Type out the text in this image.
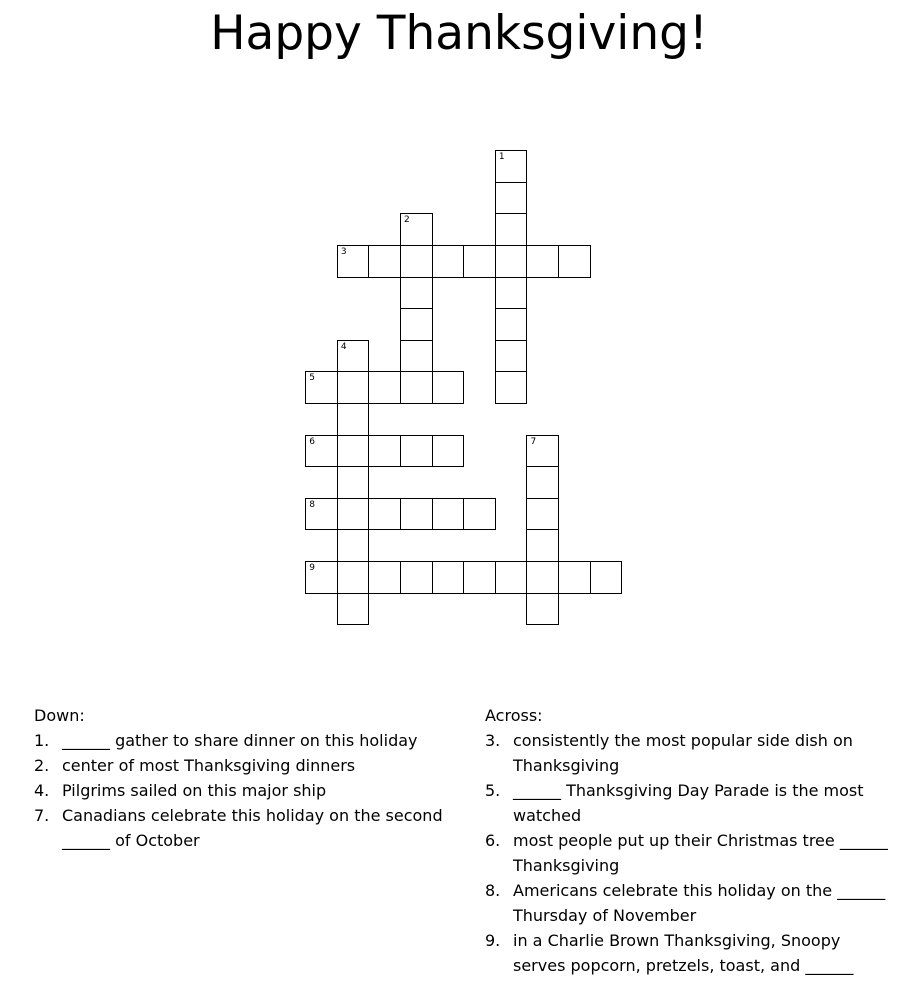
Happy Thanksgiving!
1
2
3
4
5
6	7
8
9
Down:
1. ______ gather to share dinner on this holiday
2. center of most Thanksgiving dinners
4. Pilgrims sailed on this major ship
7. Canadians celebrate this holiday on the second ______ of October
Across:
3. consistently the most popular side dish on Thanksgiving
5. ______ Thanksgiving Day Parade is the most watched
6. most people put up their Christmas tree ______ Thanksgiving
8. Americans celebrate this holiday on the ______ Thursday of November
9. in a Charlie Brown Thanksgiving, Snoopy serves popcorn, pretzels, toast, and ______
